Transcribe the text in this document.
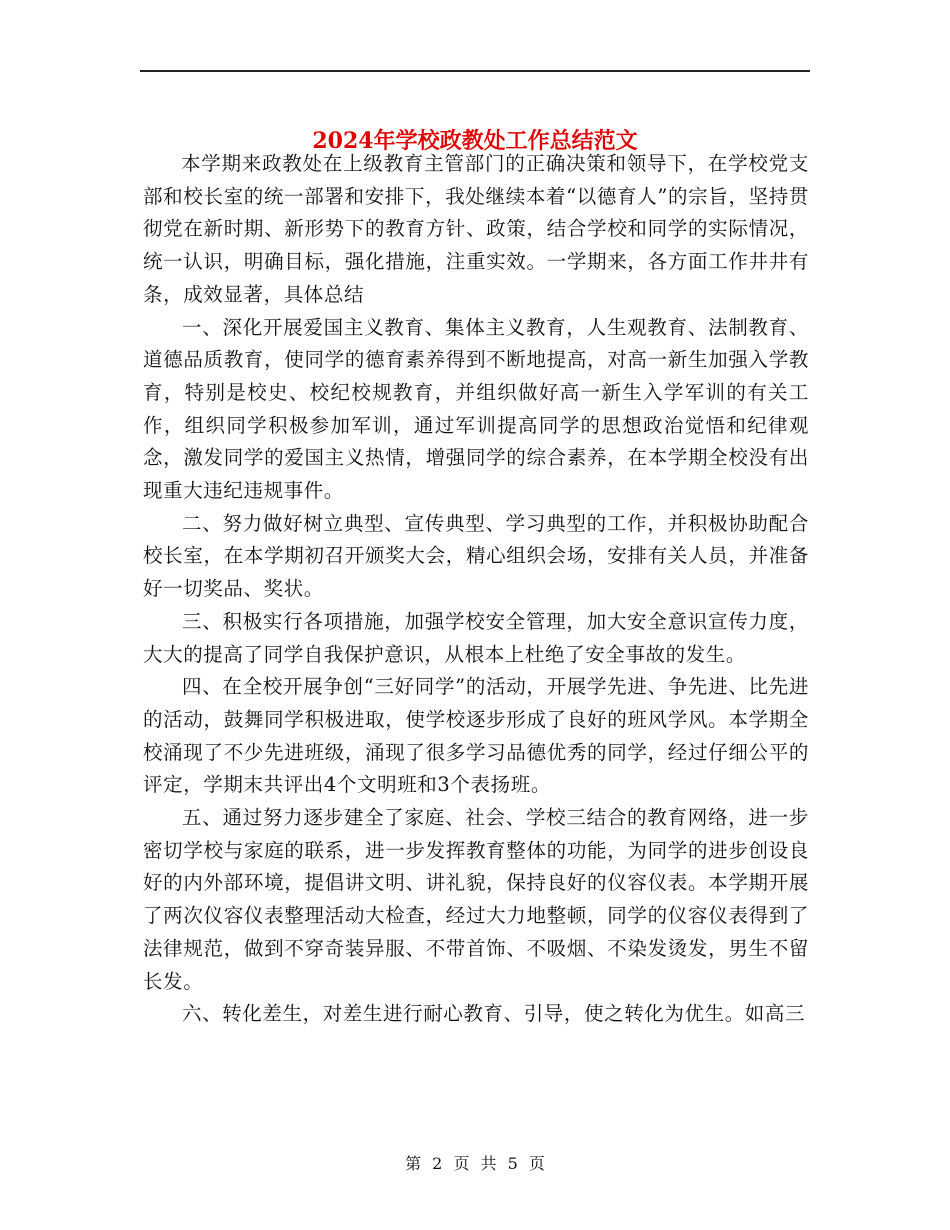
2024年学校政教处工作总结范文

本学期来政教处在上级教育主管部门的正确决策和领导下，在学校党支部和校长室的统一部署和安排下，我处继续本着“以德育人”的宗旨，坚持贯彻党在新时期、新形势下的教育方针、政策，结合学校和同学的实际情况，统一认识，明确目标，强化措施，注重实效。一学期来，各方面工作井井有条，成效显著，具体总结

一、深化开展爱国主义教育、集体主义教育，人生观教育、法制教育、道德品质教育，使同学的德育素养得到不断地提高，对高一新生加强入学教育，特别是校史、校纪校规教育，并组织做好高一新生入学军训的有关工作，组织同学积极参加军训，通过军训提高同学的思想政治觉悟和纪律观念，激发同学的爱国主义热情，增强同学的综合素养，在本学期全校没有出现重大违纪违规事件。

二、努力做好树立典型、宣传典型、学习典型的工作，并积极协助配合校长室，在本学期初召开颁奖大会，精心组织会场，安排有关人员，并准备好一切奖品、奖状。

三、积极实行各项措施，加强学校安全管理，加大安全意识宣传力度，大大的提高了同学自我保护意识，从根本上杜绝了安全事故的发生。

四、在全校开展争创“三好同学”的活动，开展学先进、争先进、比先进的活动，鼓舞同学积极进取，使学校逐步形成了良好的班风学风。本学期全校涌现了不少先进班级，涌现了很多学习品德优秀的同学，经过仔细公平的评定，学期末共评出4个文明班和3个表扬班。

五、通过努力逐步建全了家庭、社会、学校三结合的教育网络，进一步密切学校与家庭的联系，进一步发挥教育整体的功能，为同学的进步创设良好的内外部环境，提倡讲文明、讲礼貌，保持良好的仪容仪表。本学期开展了两次仪容仪表整理活动大检查，经过大力地整顿，同学的仪容仪表得到了法律规范，做到不穿奇装异服、不带首饰、不吸烟、不染发烫发，男生不留长发。

六、转化差生，对差生进行耐心教育、引导，使之转化为优生。如高三

第 2 页 共 5 页
